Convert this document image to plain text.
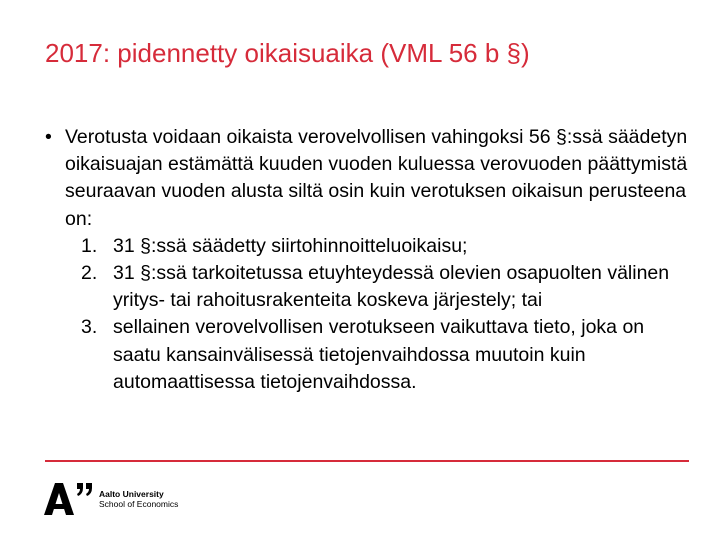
2017: pidennetty oikaisuaika (VML 56 b §)
• Verotusta voidaan oikaista verovelvollisen vahingoksi 56 §:ssä säädetyn oikaisuajan estämättä kuuden vuoden kuluessa verovuoden päättymistä seuraavan vuoden alusta siltä osin kuin verotuksen oikaisun perusteena on:
1. 31 §:ssä säädetty siirtohinnoitteluoikaisu;
2. 31 §:ssä tarkoitetussa etuyhteydessä olevien osapuolten välinen yritys- tai rahoitusrakenteita koskeva järjestely; tai
3. sellainen verovelvollisen verotukseen vaikuttava tieto, joka on saatu kansainvälisessä tietojenvaihdossa muutoin kuin automaattisessa tietojenvaihdossa.
Aalto University
School of Economics
